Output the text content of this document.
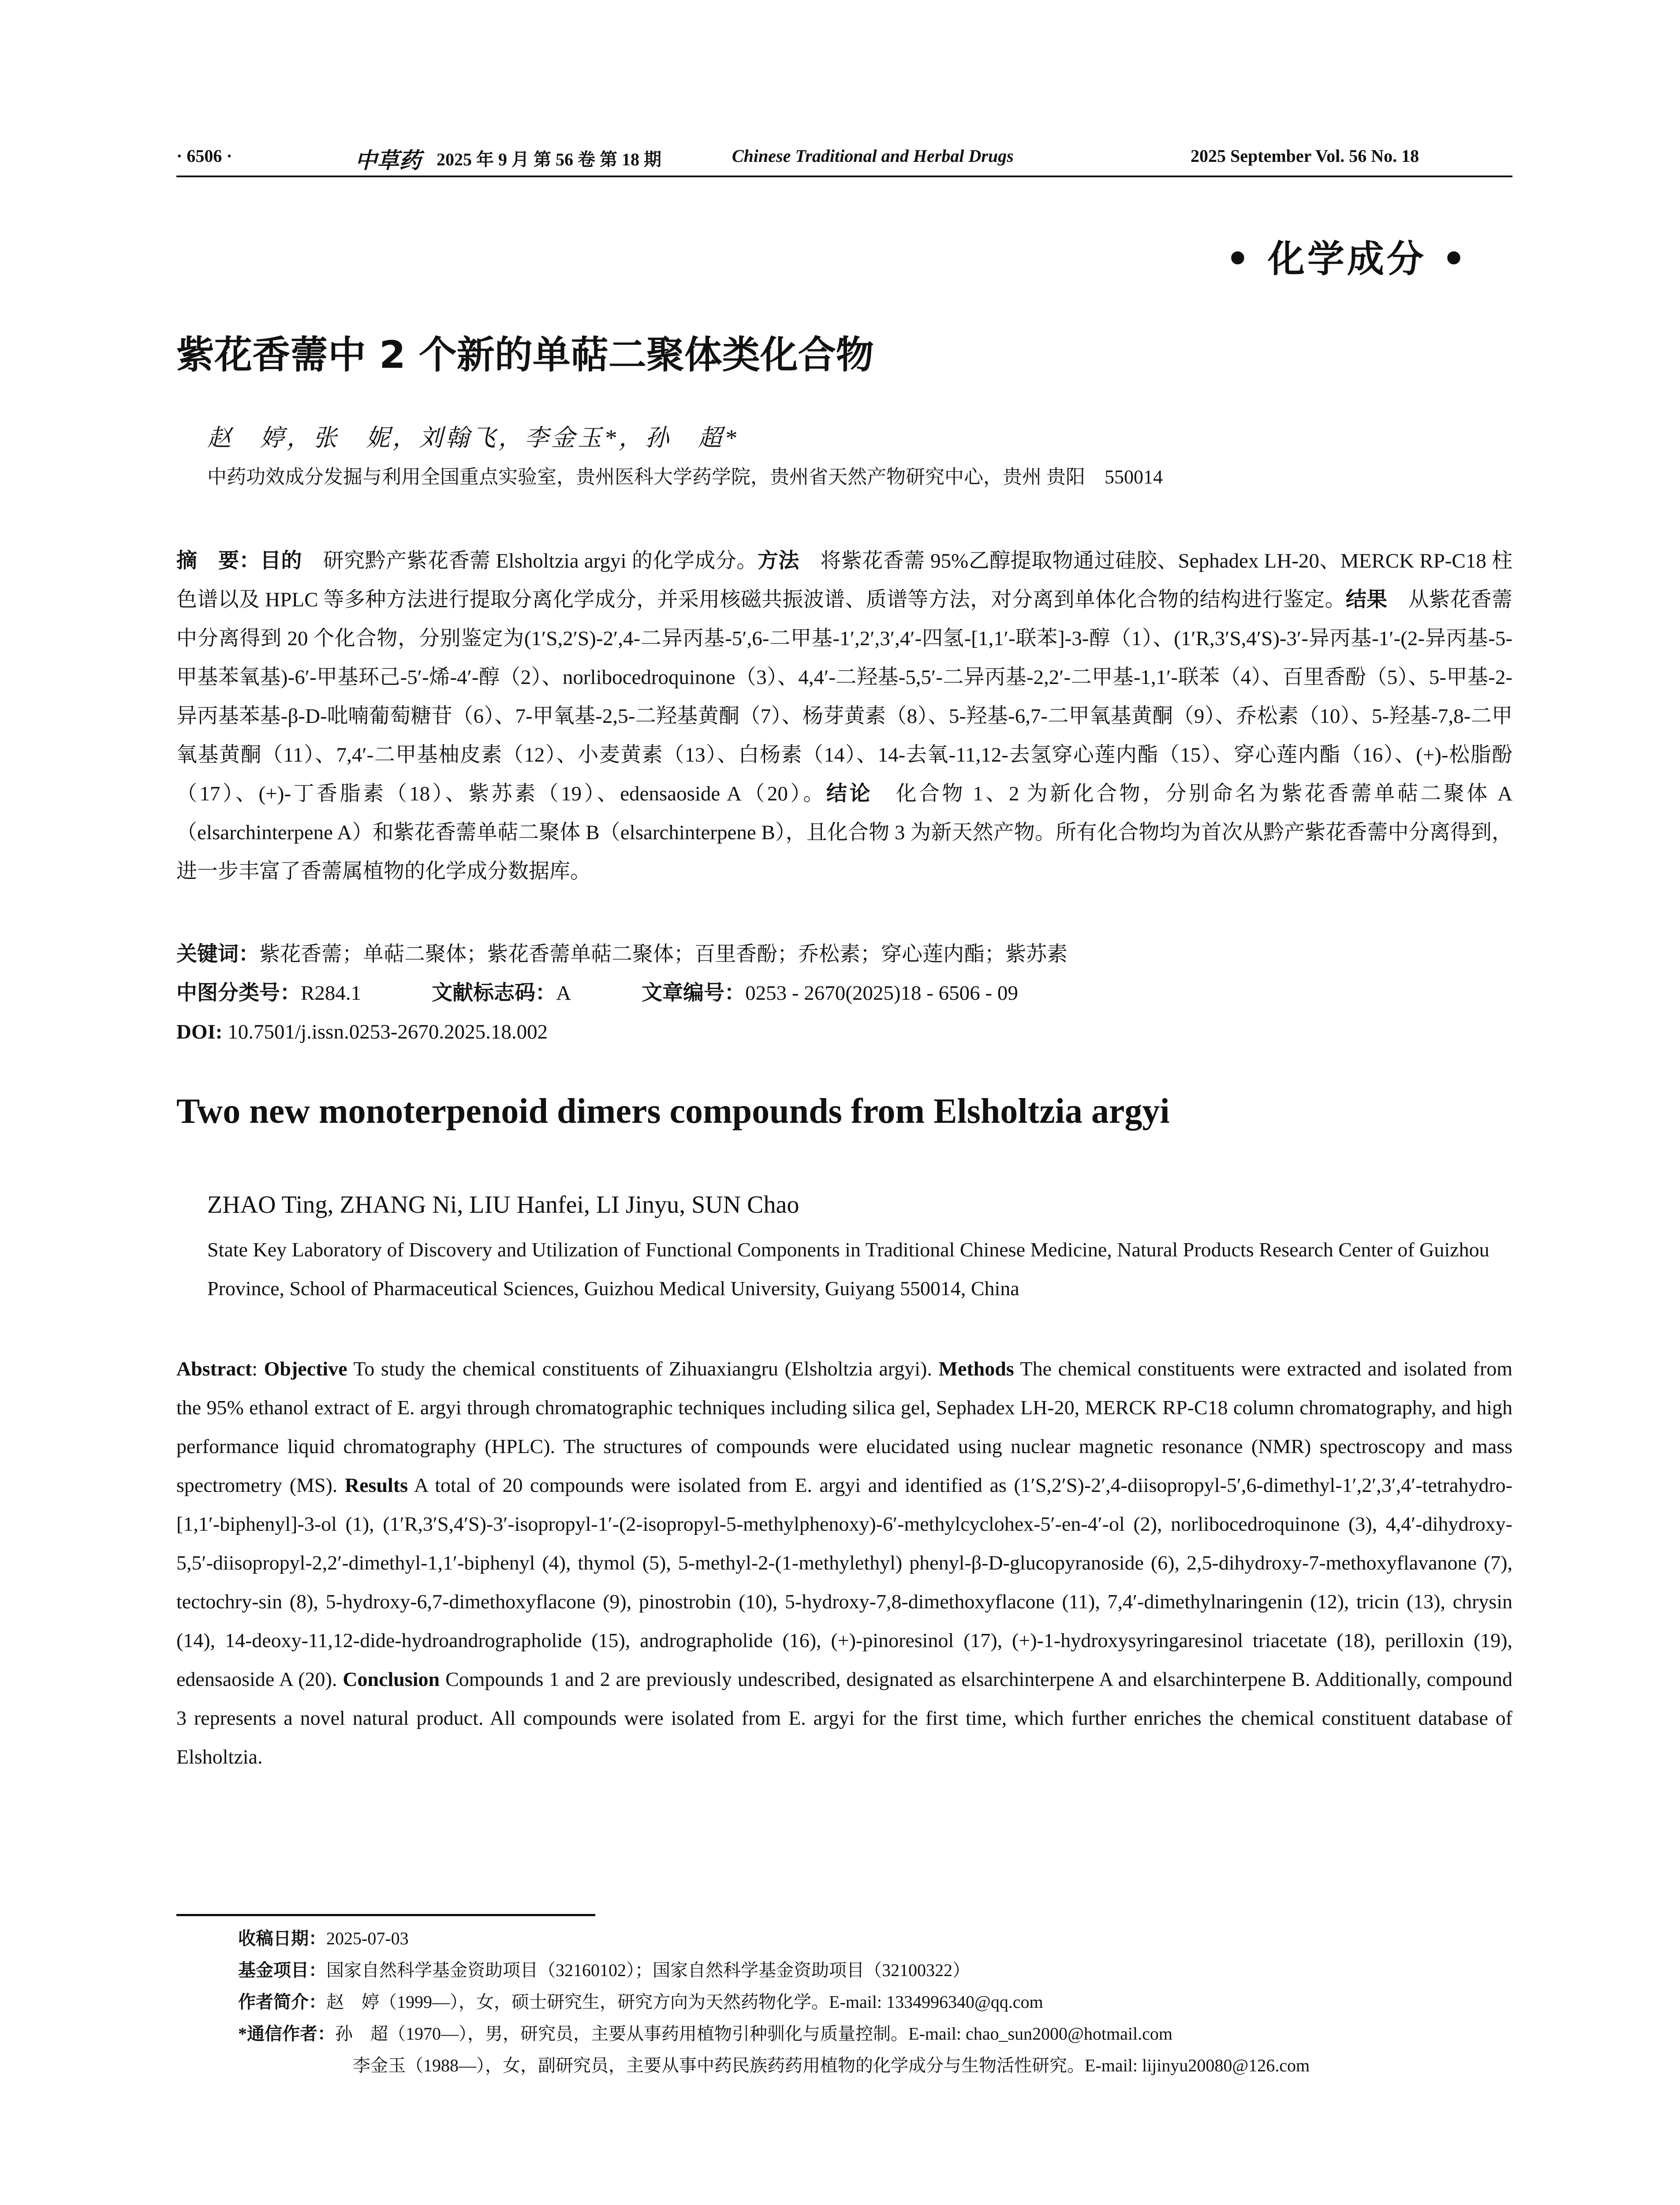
· 6506 ·	中草药 2025 年 9 月 第 56 卷 第 18 期	Chinese Traditional and Herbal Drugs	2025 September Vol. 56 No. 18
• 化学成分 •
紫花香薷中 2 个新的单萜二聚体类化合物
赵　婷，张　妮，刘翰飞，李金玉*，孙　超*
中药功效成分发掘与利用全国重点实验室，贵州医科大学药学院，贵州省天然产物研究中心，贵州 贵阳　550014
摘　要：目的　研究黔产紫花香薷 Elsholtzia argyi 的化学成分。方法　将紫花香薷 95%乙醇提取物通过硅胶、Sephadex LH-20、MERCK RP-C18 柱色谱以及 HPLC 等多种方法进行提取分离化学成分，并采用核磁共振波谱、质谱等方法，对分离到单体化合物的结构进行鉴定。结果　从紫花香薷中分离得到 20 个化合物，分别鉴定为(1′S,2′S)-2′,4-二异丙基-5′,6-二甲基-1′,2′,3′,4′-四氢-[1,1′-联苯]-3-醇（1）、(1′R,3′S,4′S)-3′-异丙基-1′-(2-异丙基-5-甲基苯氧基)-6′-甲基环己-5′-烯-4′-醇（2）、norlibocedroquinone（3）、4,4′-二羟基-5,5′-二异丙基-2,2′-二甲基-1,1′-联苯（4）、百里香酚（5）、5-甲基-2-异丙基苯基-β-D-吡喃葡萄糖苷（6）、7-甲氧基-2,5-二羟基黄酮（7）、杨芽黄素（8）、5-羟基-6,7-二甲氧基黄酮（9）、乔松素（10）、5-羟基-7,8-二甲氧基黄酮（11）、7,4′-二甲基柚皮素（12）、小麦黄素（13）、白杨素（14）、14-去氧-11,12-去氢穿心莲内酯（15）、穿心莲内酯（16）、(+)-松脂酚（17）、(+)-丁香脂素（18）、紫苏素（19）、edensaoside A（20）。结论　化合物 1、2 为新化合物，分别命名为紫花香薷单萜二聚体 A（elsarchinterpene A）和紫花香薷单萜二聚体 B（elsarchinterpene B），且化合物 3 为新天然产物。所有化合物均为首次从黔产紫花香薷中分离得到，进一步丰富了香薷属植物的化学成分数据库。
关键词：紫花香薷；单萜二聚体；紫花香薷单萜二聚体；百里香酚；乔松素；穿心莲内酯；紫苏素
中图分类号：R284.1	文献标志码：A	文章编号：0253 - 2670(2025)18 - 6506 - 09
DOI: 10.7501/j.issn.0253-2670.2025.18.002
Two new monoterpenoid dimers compounds from Elsholtzia argyi
ZHAO Ting, ZHANG Ni, LIU Hanfei, LI Jinyu, SUN Chao
State Key Laboratory of Discovery and Utilization of Functional Components in Traditional Chinese Medicine, Natural Products Research Center of Guizhou Province, School of Pharmaceutical Sciences, Guizhou Medical University, Guiyang 550014, China
Abstract: Objective To study the chemical constituents of Zihuaxiangru (Elsholtzia argyi). Methods The chemical constituents were extracted and isolated from the 95% ethanol extract of E. argyi through chromatographic techniques including silica gel, Sephadex LH-20, MERCK RP-C18 column chromatography, and high performance liquid chromatography (HPLC). The structures of compounds were elucidated using nuclear magnetic resonance (NMR) spectroscopy and mass spectrometry (MS). Results A total of 20 compounds were isolated from E. argyi and identified as (1′S,2′S)-2′,4-diisopropyl-5′,6-dimethyl-1′,2′,3′,4′-tetrahydro-[1,1′-biphenyl]-3-ol (1), (1′R,3′S,4′S)-3′-isopropyl-1′-(2-isopropyl-5-methylphenoxy)-6′-methylcyclohex-5′-en-4′-ol (2), norlibocedroquinone (3), 4,4′-dihydroxy-5,5′-diisopropyl-2,2′-dimethyl-1,1′-biphenyl (4), thymol (5), 5-methyl-2-(1-methylethyl) phenyl-β-D-glucopyranoside (6), 2,5-dihydroxy-7-methoxyflavanone (7), tectochry-sin (8), 5-hydroxy-6,7-dimethoxyflacone (9), pinostrobin (10), 5-hydroxy-7,8-dimethoxyflacone (11), 7,4′-dimethylnaringenin (12), tricin (13), chrysin (14), 14-deoxy-11,12-dide-hydroandrographolide (15), andrographolide (16), (+)-pinoresinol (17), (+)-1-hydroxysyringaresinol triacetate (18), perilloxin (19), edensaoside A (20). Conclusion Compounds 1 and 2 are previously undescribed, designated as elsarchinterpene A and elsarchinterpene B. Additionally, compound 3 represents a novel natural product. All compounds were isolated from E. argyi for the first time, which further enriches the chemical constituent database of Elsholtzia.
收稿日期：2025-07-03
基金项目：国家自然科学基金资助项目（32160102）；国家自然科学基金资助项目（32100322）
作者简介：赵　婷（1999—），女，硕士研究生，研究方向为天然药物化学。E-mail: 1334996340@qq.com
*通信作者：孙　超（1970—），男，研究员，主要从事药用植物引种驯化与质量控制。E-mail: chao_sun2000@hotmail.com
李金玉（1988—），女，副研究员，主要从事中药民族药药用植物的化学成分与生物活性研究。E-mail: lijinyu20080@126.com
